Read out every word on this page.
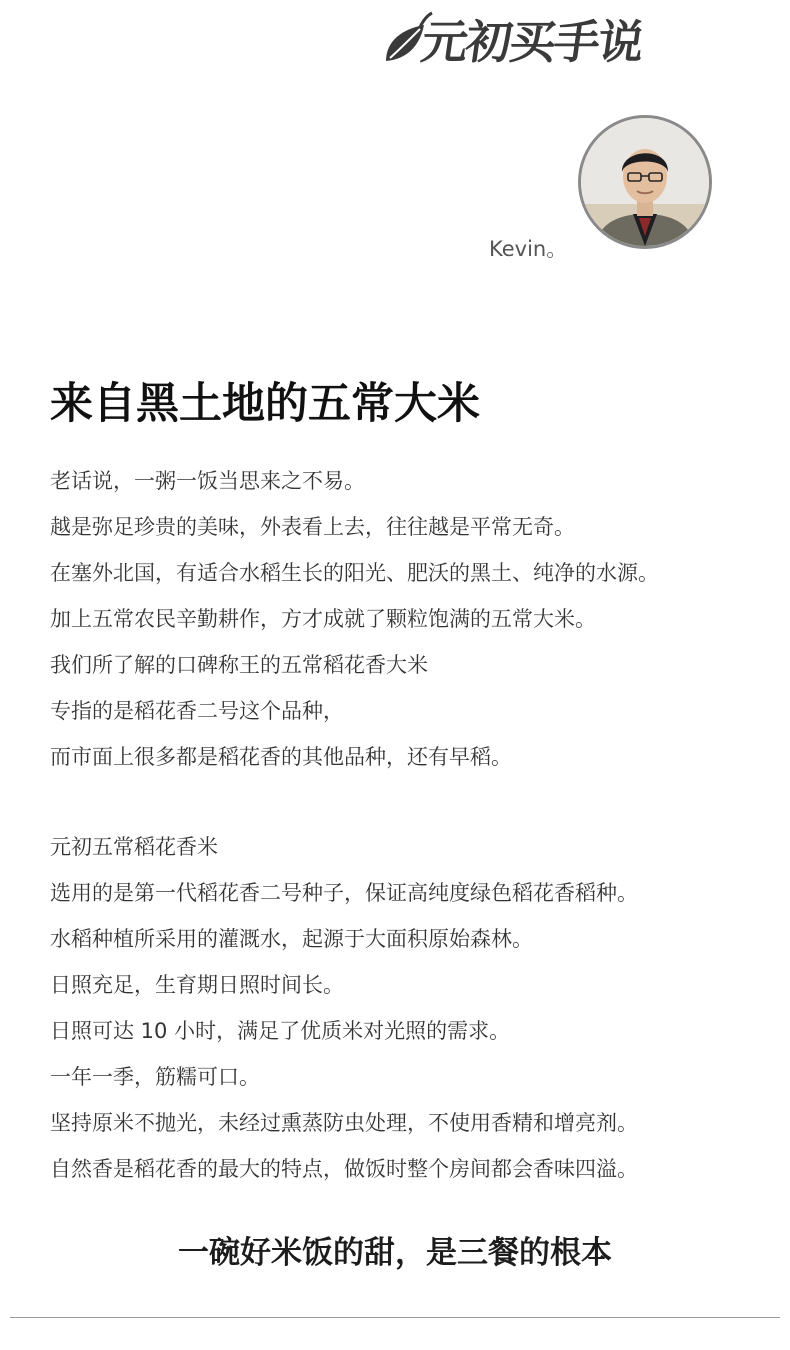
元初买手说
Kevin。
来自黑土地的五常大米
老话说，一粥一饭当思来之不易。
越是弥足珍贵的美味，外表看上去，往往越是平常无奇。
在塞外北国，有适合水稻生长的阳光、肥沃的黑土、纯净的水源。
加上五常农民辛勤耕作，方才成就了颗粒饱满的五常大米。
我们所了解的口碑称王的五常稻花香大米
专指的是稻花香二号这个品种，
而市面上很多都是稻花香的其他品种，还有早稻。
元初五常稻花香米
选用的是第一代稻花香二号种子，保证高纯度绿色稻花香稻种。
水稻种植所采用的灌溉水，起源于大面积原始森林。
日照充足，生育期日照时间长。
日照可达 10 小时，满足了优质米对光照的需求。
一年一季，筋糯可口。
坚持原米不抛光，未经过熏蒸防虫处理，不使用香精和增亮剂。
自然香是稻花香的最大的特点，做饭时整个房间都会香味四溢。
一碗好米饭的甜，是三餐的根本
